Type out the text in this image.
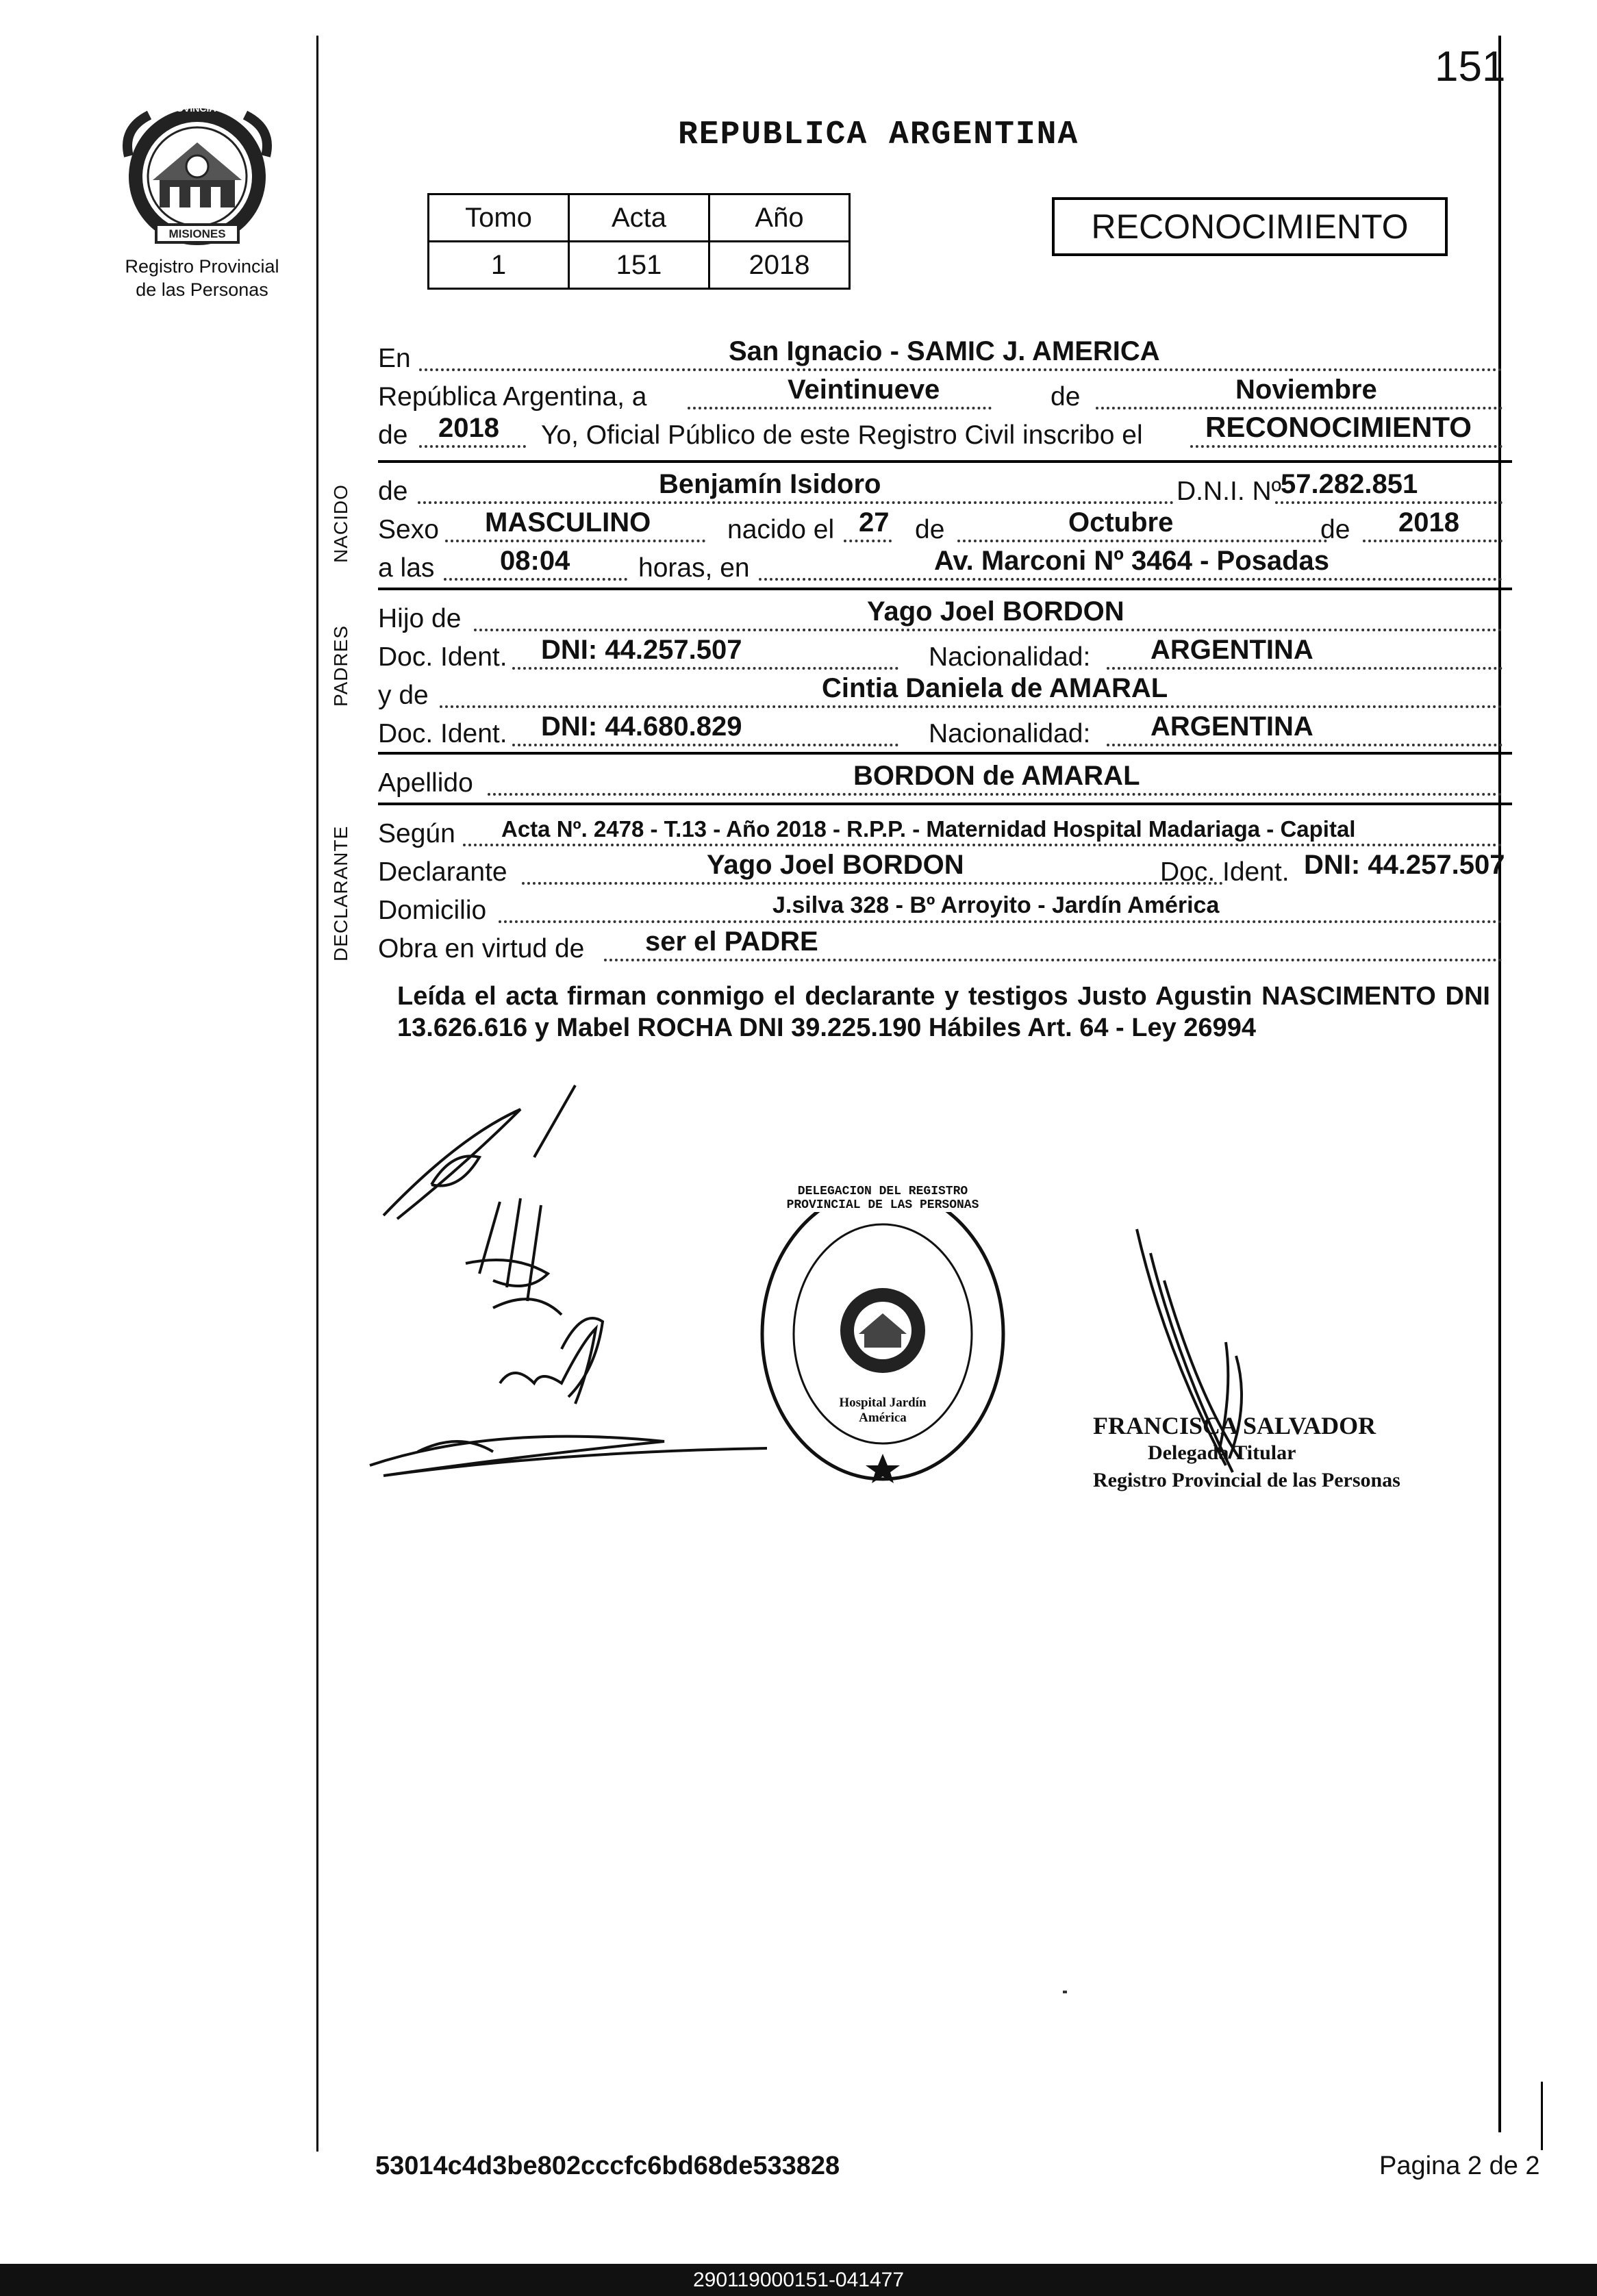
151
PROVINCIA DE
MISIONES
Registro Provincial
de las Personas
REPUBLICA ARGENTINA
Tomo	Acta	Año
1	151	2018
RECONOCIMIENTO
En	San Ignacio - SAMIC J. AMERICA
República Argentina, a	Veintinueve	de	Noviembre
de 2018 Yo, Oficial Público de este Registro Civil inscribo el RECONOCIMIENTO
NACIDO de	Benjamín Isidoro	D.N.I. Nº 57.282.851
Sexo MASCULINO	nacido el 27 de	Octubre	de 2018
a las 08:04	horas, en	Av. Marconi Nº 3464 - Posadas
PADRES
Hijo de	Yago Joel BORDON
Doc. Ident. DNI: 44.257.507	Nacionalidad: ARGENTINA
y de	Cintia Daniela de AMARAL
Doc. Ident. DNI: 44.680.829	Nacionalidad: ARGENTINA
Apellido	BORDON de AMARAL
DECLARANTE Según Acta Nº. 2478 - T.13 - Año 2018 - R.P.P. - Maternidad Hospital Madariaga - Capital
Declarante	Yago Joel BORDON	Doc. Ident. DNI: 44.257.507
Domicilio	J.silva 328 - Bº Arroyito - Jardín América
Obra en virtud de ser el PADRE
Leída el acta firman conmigo el declarante y testigos Justo Agustin NASCIMENTO DNI 13.626.616 y Mabel ROCHA DNI 39.225.190 Hábiles Art. 64 - Ley 26994
DELEGACION DEL REGISTRO PROVINCIAL DE LAS PERSONAS
Hospital Jardín América	FRANCISCA SALVADOR
Delegada Titular
Registro Provincial de las Personas
53014c4d3be802cccfc6bd68de533828	Pagina 2 de 2
290119000151-041477
